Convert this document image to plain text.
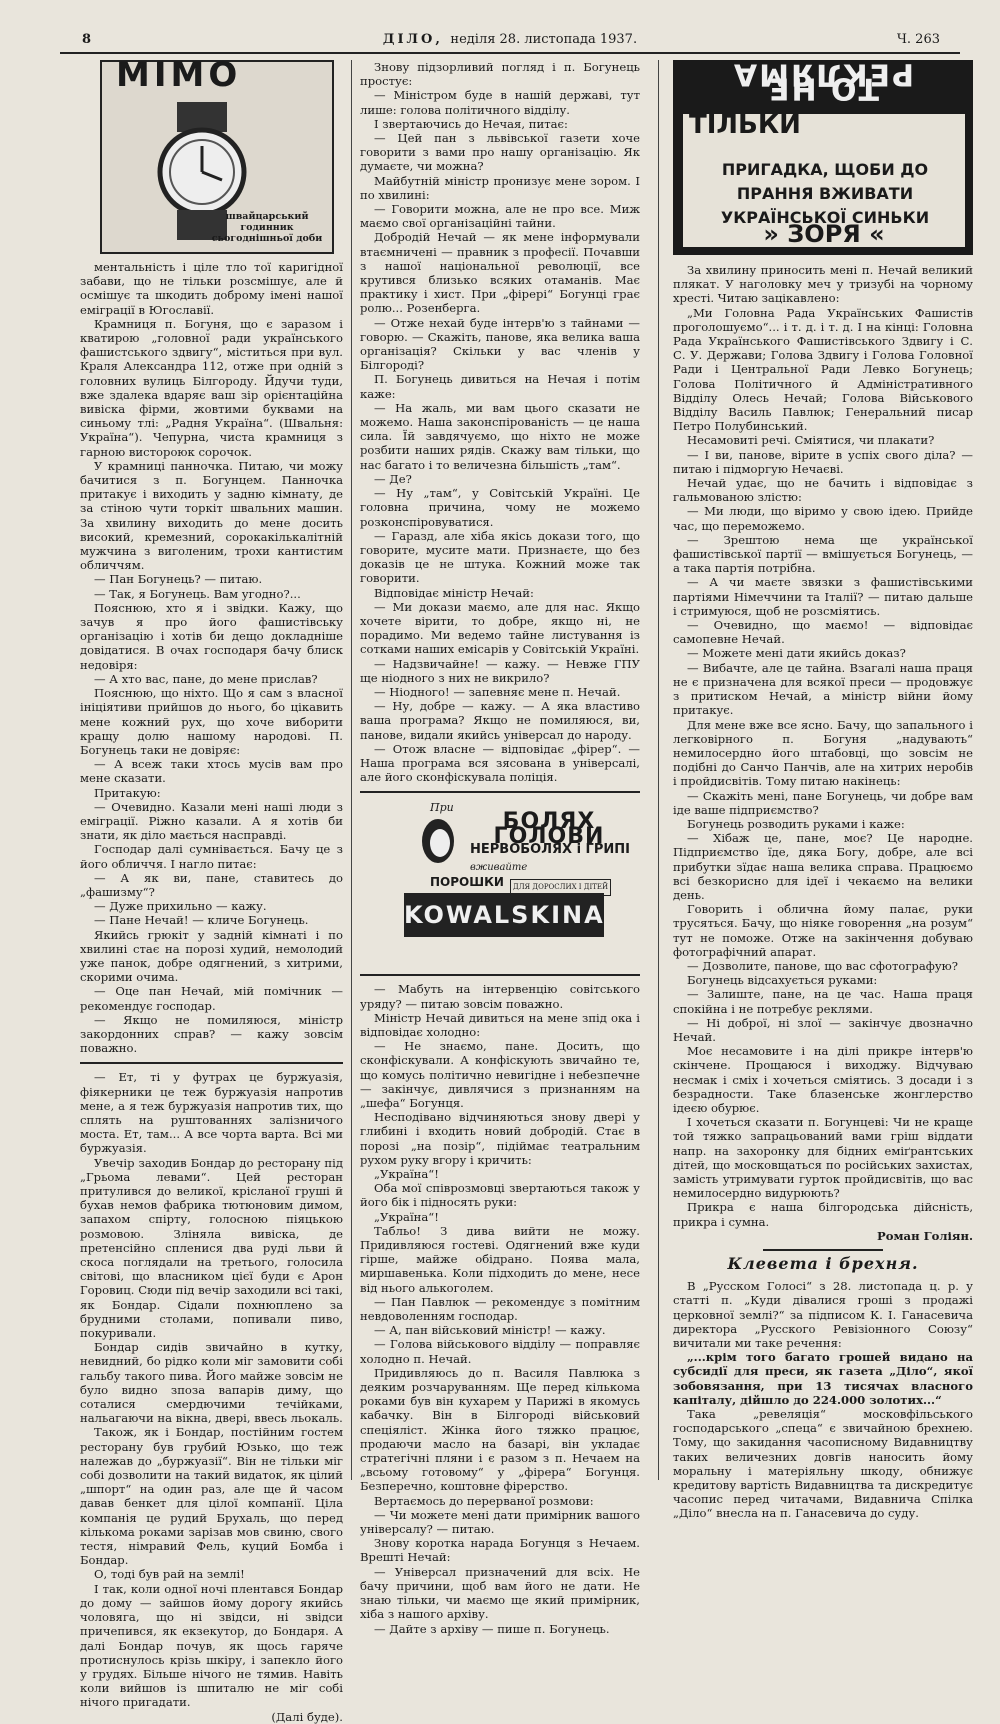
8	ДІЛО, неділя 28. листопада 1937.	Ч. 263
MIMO
швайцарський годинник сьогоднішньої доби

ментальність і ціле тло тої каригідної забави, що не тільки розсмішує, але й осмішує та шкодить доброму імені нашої еміграції в Югославії.

Крамниця п. Богуня, що є заразом і кватирою „головної ради українського фашистського здвигу“, міститься при вул. Краля Александра 112, отже при одній з головних вулиць Білгороду. Йдучи туди, вже здалека вдаряє ваш зір орієнтаційна вивіска фірми, жовтими буквами на синьому тлі: „Радня Україна“. (Швальня: Україна“). Чепурна, чиста крамниця з гарною вистороюк сорочок.

У крамниці панночка. Питаю, чи можу бачитися з п. Богунцем. Панночка притакує і виходить у задню кімнату, де за стіною чути торкіт швальних машин. За хвилину виходить до мене досить високий, кремезний, сорокакількалітній мужчина з виголеним, трохи кантистим обличчям.

— Пан Богунець? — питаю.

— Так, я Богунець. Вам угодно?...

Пояснюю, хто я і звідки. Кажу, що зачув я про його фашистівську організацію і хотів би дещо докладніше довідатися. В очах господаря бачу блиск недовіря:

— А хто вас, пане, до мене прислав?

Пояснюю, що ніхто. Що я сам з власної ініціятиви прийшов до нього, бо цікавить мене кожний рух, що хоче виборити кращу долю нашому народові. П. Богунець таки не довіряє:

— А всеж таки хтось мусів вам про мене сказати.

Притакую:

— Очевидно. Казали мені наші люди з еміграції. Ріжно казали. А я хотів би знати, як діло мається насправді.

Господар далі сумнівається. Бачу це з його обличчя. І нагло питає:

— А як ви, пане, ставитесь до „фашизму“?

— Дуже прихильно — кажу.

— Пане Нечай! — кличе Богунець.

Якийсь грюкіт у задній кімнаті і по хвилині стає на порозі худий, немолодий уже панок, добре одягнений, з хитрими, скорими очима.

— Оце пан Нечай, мій помічник — рекомендує господар.

— Якщо не помиляюся, міністр закордонних справ? — кажу зовсім поважно.

— Ет, ті у футрах це буржуазія, фіякерники це теж буржуазія напротив мене, а я теж буржуазія напротив тих, що сплять на руштованнях залізничого моста. Ет, там... А все чорта варта. Всі ми буржуазія.

Увечір заходив Бондар до ресторану під „Грьома левами“. Цей ресторан притулився до великої, крісланої груші й бухав немов фабрика тютюновим димом, запахом спірту, голосною піяцькою розмовою. Зліняла вивіска, де претенсійно спленися два руді льви й скоса поглядали на третього, голосила світові, що власником цієї буди є Арон Горовиц. Сюди під вечір заходили всі такі, як Бондар. Сідали похнюплено за брудними столами, попивали пиво, покуривали.

Бондар сидів звичайно в кутку, невидний, бо рідко коли міг замовити собі гальбу такого пива. Його майже зовсім не було видно зпоза вапарів диму, що соталися смердючими течійками, нальагаючи на вікна, двері, ввесь льокаль.

Також, як і Бондар, постійним гостем ресторану був грубий Юзько, що теж належав до „буржуазії“. Він не тільки міг собі дозволити на такий видаток, як цілий „шпорт“ на один раз, але ще й часом давав бенкет для цілої компанії. Ціла компанія це рудий Брухаль, що перед кількома роками зарізав мов свиню, свого тестя, німравий Фель, куций Бомба і Бондар.

О, тоді був рай на землі!

І так, коли одної ночі плентався Бондар до дому — зайшов йому дорогу якийсь чоловяга, що ні звідси, ні звідси причепився, як екзекутор, до Бондаря. А далі Бондар почув, як щось гаряче протиснулось крізь шкіру, і запекло його у грудях. Більше нічого не тямив. Навіть коли вийшов із шпиталю не міг собі нічого пригадати.

(Далі буде).

Знову підзорливий погляд і п. Богунець простує:

— Міністром буде в нашій державі, тут лише: голова політичного відділу.

І звертаючись до Нечая, питає:

— Цей пан з львівської газети хоче говорити з вами про нашу організацію. Як думаєте, чи можна?

Майбутній міністр пронизує мене зором. І по хвилині:

— Говорити можна, але не про все. Миж маємо свої організаційні тайни.

Добродій Нечай — як мене інформували втаємничені — правник з професії. Почавши з нашої національної революції, все крутився близько всяких отаманів. Має практику і хист. При „фірері“ Богунці грає ролю... Розенберга.

— Отже нехай буде інтерв'ю з тайнами — говорю. — Скажіть, панове, яка велика ваша організація? Скільки у вас членів у Білгороді?

П. Богунець дивиться на Нечая і потім каже:

— На жаль, ми вам цього сказати не можемо. Наша законспірованість — це наша сила. Їй завдячуємо, що ніхто не може розбити наших рядів. Скажу вам тільки, що нас багато і то величезна більшість „там“.

— Де?

— Ну „там“, у Совітській Україні. Це головна причина, чому не можемо розконспіровуватися.

— Гаразд, але хіба якісь докази того, що говорите, мусите мати. Признаєте, що без доказів це не штука. Кожний може так говорити.

Відповідає міністр Нечай:

— Ми докази маємо, але для нас. Якщо хочете вірити, то добре, якщо ні, не порадимо. Ми ведемо тайне листування із сотками наших емісарів у Совітській Україні.

— Надзвичайне! — кажу. — Невже ГПУ ще ніодного з них не викрило?

— Ніодного! — запевняє мене п. Нечай.

— Ну, добре — кажу. — А яка властиво ваша програма? Якщо не помиляюся, ви, панове, видали якийсь універсал до народу.

— Отож власне — відповідає „фірер“. — Наша програма вся зясована в універсалі, але його сконфіскувала поліція.

При
БОЛЯХ ГОЛОВИ
НЕРВОБОЛЯХ і ГРИПІ
вживайте
ПОРОШКИ	ДЛЯ ДОРОСЛИХ І ДІТЕЙ
KOWALSKINA

— Мабуть на інтервенцію совітського уряду? — питаю зовсім поважно.

Міністр Нечай дивиться на мене зпід ока і відповідає холодно:

— Не знаємо, пане. Досить, що сконфіскували. А конфіскують звичайно те, що комусь політично невигідне і небезпечне — закінчує, дивлячися з признанням на „шефа“ Богунця.

Несподівано відчиняються знову двері у глибині і входить новий добродій. Стає в порозі „на позір“, підіймає театральним рухом руку вгору і кричить:

„Україна“!

Оба мої співрозмовці звертаються також у його бік і підносять руки:

„Україна“!

Табльо! З дива вийти не можу. Придивляюся гостеві. Одягнений вже куди гірше, майже обідрано. Поява мала, миршавенька. Коли підходить до мене, несе від нього алькоголем.

— Пан Павлюк — рекомендує з помітним невдоволенням господар.

— А, пан військовий міністр! — кажу.

— Голова військового відділу — поправляє холодно п. Нечай.

Придивляюсь до п. Василя Павлюка з деяким розчаруванням. Ще перед кількома роками був він кухарем у Парижі в якомусь кабачку. Він в Білгороді військовий спеціяліст. Жінка його тяжко працює, продаючи масло на базарі, він укладає стратегічні пляни і є разом з п. Нечаем на „всьому готовому“ у „фірера“ Богунця. Безперечно, коштовне фірерство.

Вертаємось до перерваної розмови:

— Чи можете мені дати примірник вашого універсалу? — питаю.

Знову коротка нарада Богунця з Нечаем. Врешті Нечай:

— Універсал призначений для всіх. Не бачу причини, щоб вам його не дати. Не знаю тільки, чи маємо ще який примірник, хіба з нашого архіву.

— Дайте з архіву — пише п. Богунець.

ТО НЕ РЕКЛЯМА
ТІЛЬКИ
ПРИГАДКА, ЩОБИ ДО ПРАННЯ ВЖИВАТИ УКРАЇНСЬКОЇ СИНЬКИ
» ЗОРЯ «

За хвилину приносить мені п. Нечай великий плякат. У наголовку меч у тризубі на чорному хресті. Читаю зацікавлено:

„Ми Головна Рада Українських Фашистів проголошуємо“... і т. д. і т. д. І на кінці: Головна Рада Українського Фашистівського Здвигу і С. С. У. Держави; Голова Здвигу і Голова Головної Ради і Центральної Ради Левко Богунець; Голова Політичного й Адміністративного Відділу Олесь Нечай; Голова Військового Відділу Василь Павлюк; Генеральний писар Петро Полубинський.

Несамовиті речі. Сміятися, чи плакати?

— І ви, панове, вірите в успіх свого діла? — питаю і підморгую Нечаєві.

Нечай удає, що не бачить і відповідає з гальмованою злістю:

— Ми люди, що віримо у свою ідею. Прийде час, що переможемо.

— Зрештою нема ще української фашистівської партії — вмішується Богунець, — а така партія потрібна.

— А чи маєте звязки з фашистівськими партіями Німеччини та Італії? — питаю дальше і стримуюся, щоб не розсміятись.

— Очевидно, що маємо! — відповідає самопевне Нечай.

— Можете мені дати якийсь доказ?

— Вибачте, але це тайна. Взагалі наша праця не є призначена для всякої преси — продовжує з притиском Нечай, а міністр війни йому притакує.

Для мене вже все ясно. Бачу, що запального і легковірного п. Богуня „надувають“ немилосердно його штабовці, що зовсім не подібні до Санчо Панчів, але на хитрих неробів і пройдисвітів. Тому питаю накінець:

— Скажіть мені, пане Богунець, чи добре вам іде ваше підприємство?

Богунець розводить руками і каже:

— Хібаж це, пане, моє? Це народне. Підприємство їде, дяка Богу, добре, але всі прибутки зїдає наша велика справа. Працюємо всі безкорисно для ідеї і чекаємо на велики день.

Говорить і облична йому палає, руки трусяться. Бачу, що ніяке говорення „на розум“ тут не поможе. Отже на закінчення добуваю фотографічний апарат.

— Дозволите, панове, що вас сфотографую?

Богунець відсахується руками:

— Залиште, пане, на це час. Наша праця спокійна і не потребує реклями.

— Ні доброї, ні злої — закінчує двозначно Нечай.

Моє несамовите і на ділі прикре інтерв'ю скінчене. Прощаюся і виходжу. Відчуваю несмак і сміх і хочеться сміятись. З досади і з безрадности. Таке блазенське жонглерство ідеєю обурює.

І хочеться сказати п. Богунцеві: Чи не краще той тяжко запрацьований вами гріш віддати напр. на захоронку для бідних еміґрантських дітей, що московщаться по російських захистах, замість утримувати гурток пройдисвітів, що вас немилосердно видурюють?

Прикра є наша білгородська дійсність, прикра і сумна.

Роман Голіян.

Клевета і брехня.

В „Русском Голосі“ з 28. листопада ц. р. у статті п. „Куди дівалися гроші з продажі церковної землі?“ за підписом К. І. Ганасевича директора „Русского Ревізіонного Союзу“ вичитали ми таке речення:

„...крім того багато грошей видано на субсидії для преси, як газета „Діло“, якої зобовязання, при 13 тисячах власного капіталу, дійшло до 224.000 золотих...“

Така „ревеляція“ московфільського господарського „спеца“ є звичайною брехнею. Тому, що закидання часописному Видавництву таких величезних довгів наносить йому моральну і матеріяльну шкоду, обнижує кредитову вартість Видавництва та дискредитує часопис перед читачами, Видавнича Спілка „Діло“ внесла на п. Ганасевича до суду.
